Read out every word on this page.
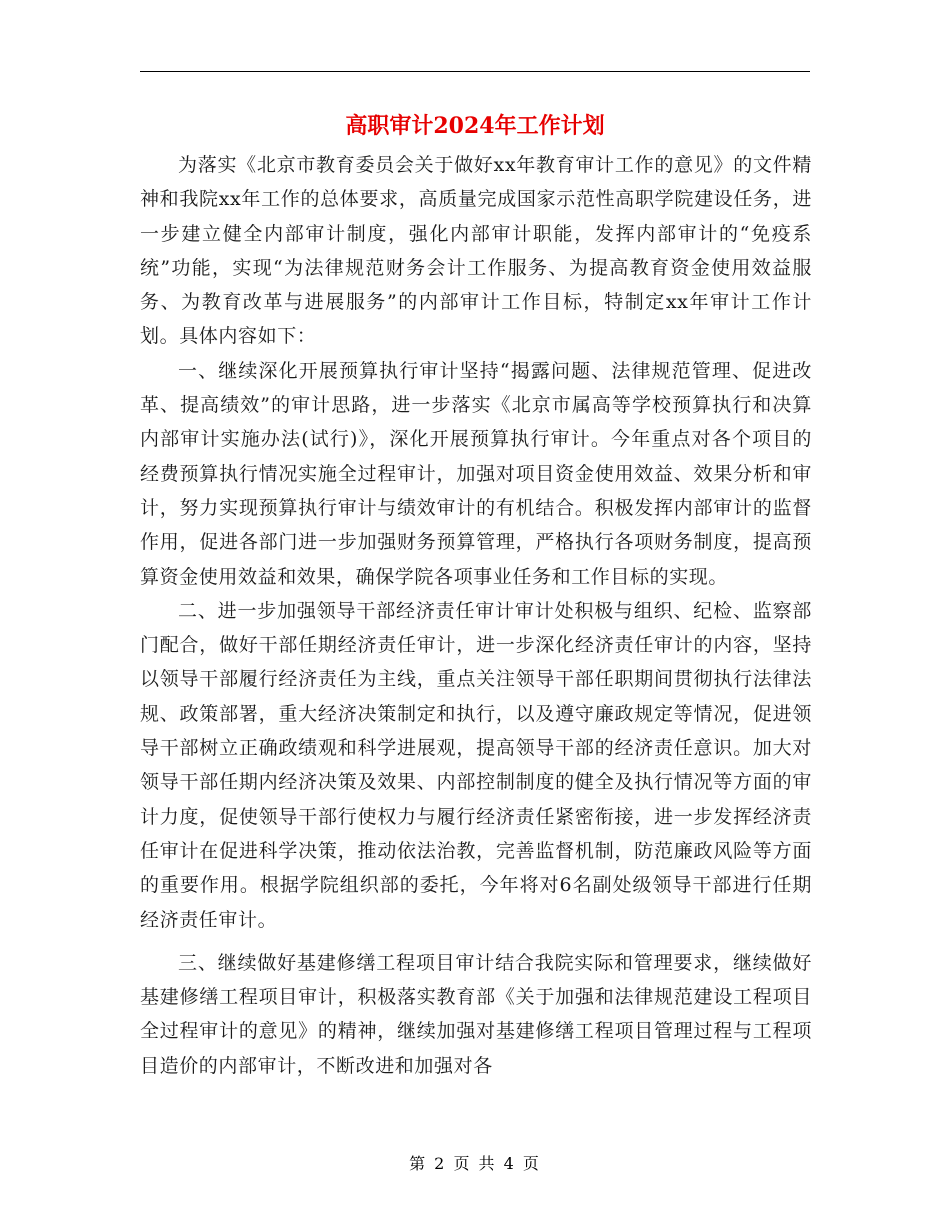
高职审计2024年工作计划

为落实《北京市教育委员会关于做好xx年教育审计工作的意见》的文件精神和我院xx年工作的总体要求，高质量完成国家示范性高职学院建设任务，进一步建立健全内部审计制度，强化内部审计职能，发挥内部审计的“免疫系统”功能，实现“为法律规范财务会计工作服务、为提高教育资金使用效益服务、为教育改革与进展服务”的内部审计工作目标，特制定xx年审计工作计划。具体内容如下：

一、继续深化开展预算执行审计坚持“揭露问题、法律规范管理、促进改革、提高绩效”的审计思路，进一步落实《北京市属高等学校预算执行和决算内部审计实施办法(试行)》，深化开展预算执行审计。今年重点对各个项目的经费预算执行情况实施全过程审计，加强对项目资金使用效益、效果分析和审计，努力实现预算执行审计与绩效审计的有机结合。积极发挥内部审计的监督作用，促进各部门进一步加强财务预算管理，严格执行各项财务制度，提高预算资金使用效益和效果，确保学院各项事业任务和工作目标的实现。

二、进一步加强领导干部经济责任审计审计处积极与组织、纪检、监察部门配合，做好干部任期经济责任审计，进一步深化经济责任审计的内容，坚持以领导干部履行经济责任为主线，重点关注领导干部任职期间贯彻执行法律法规、政策部署，重大经济决策制定和执行，以及遵守廉政规定等情况，促进领导干部树立正确政绩观和科学进展观，提高领导干部的经济责任意识。加大对领导干部任期内经济决策及效果、内部控制制度的健全及执行情况等方面的审计力度，促使领导干部行使权力与履行经济责任紧密衔接，进一步发挥经济责任审计在促进科学决策，推动依法治教，完善监督机制，防范廉政风险等方面的重要作用。根据学院组织部的委托，今年将对6名副处级领导干部进行任期经济责任审计。

三、继续做好基建修缮工程项目审计结合我院实际和管理要求，继续做好基建修缮工程项目审计，积极落实教育部《关于加强和法律规范建设工程项目全过程审计的意见》的精神，继续加强对基建修缮工程项目管理过程与工程项目造价的内部审计，不断改进和加强对各

第 2 页 共 4 页
